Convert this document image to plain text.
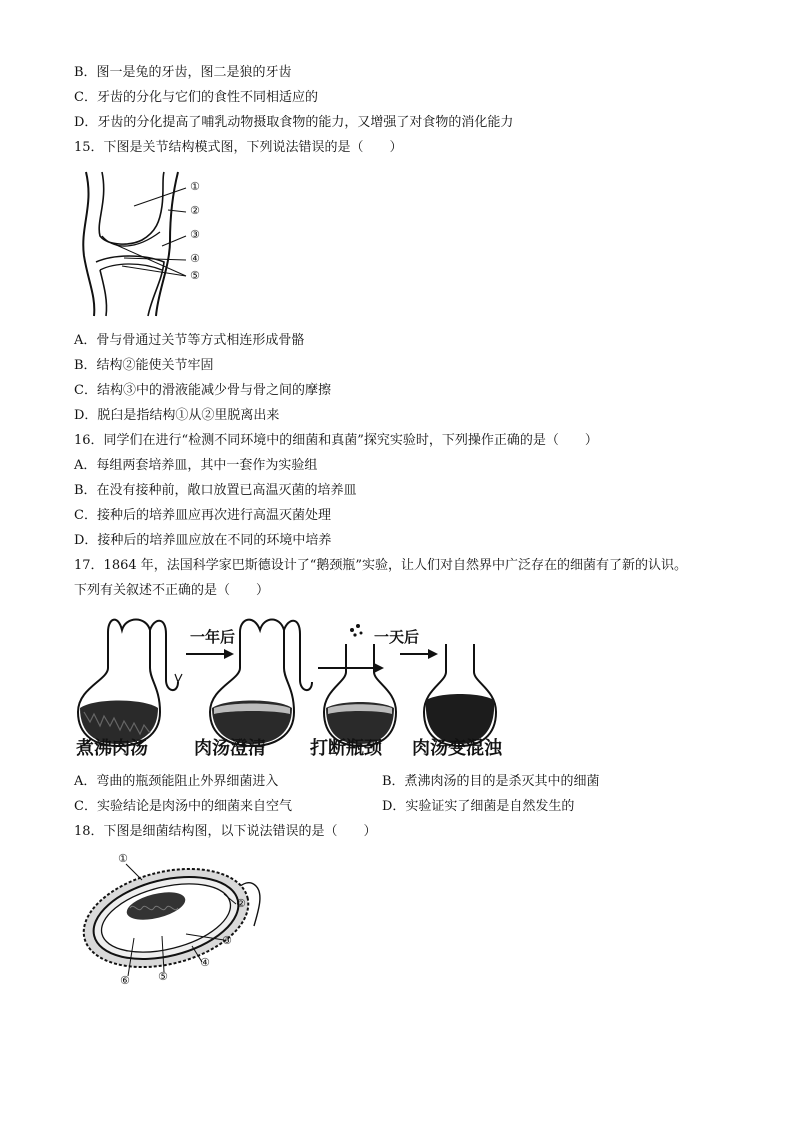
B．图一是兔的牙齿，图二是狼的牙齿
C．牙齿的分化与它们的食性不同相适应的
D．牙齿的分化提高了哺乳动物摄取食物的能力，又增强了对食物的消化能力
15．下图是关节结构模式图，下列说法错误的是（　　）
①
②
③
④
⑤
A．骨与骨通过关节等方式相连形成骨骼
B．结构②能使关节牢固
C．结构③中的滑液能减少骨与骨之间的摩擦
D．脱臼是指结构①从②里脱离出来
16．同学们在进行“检测不同环境中的细菌和真菌”探究实验时，下列操作正确的是（　　）
A．每组两套培养皿，其中一套作为实验组
B．在没有接种前，敞口放置已高温灭菌的培养皿
C．接种后的培养皿应再次进行高温灭菌处理
D．接种后的培养皿应放在不同的环境中培养
17．1864 年，法国科学家巴斯德设计了“鹅颈瓶”实验，让人们对自然界中广泛存在的细菌有了新的认识。
下列有关叙述不正确的是（　　）
一年后	一天后
煮沸肉汤	肉汤澄清 打断瓶颈 肉汤变混浊
A．弯曲的瓶颈能阻止外界细菌进入	B．煮沸肉汤的目的是杀灭其中的细菌
C．实验结论是肉汤中的细菌来自空气	D．实验证实了细菌是自然发生的
18．下图是细菌结构图，以下说法错误的是（　　）
①
②
③
④
⑤
⑥
